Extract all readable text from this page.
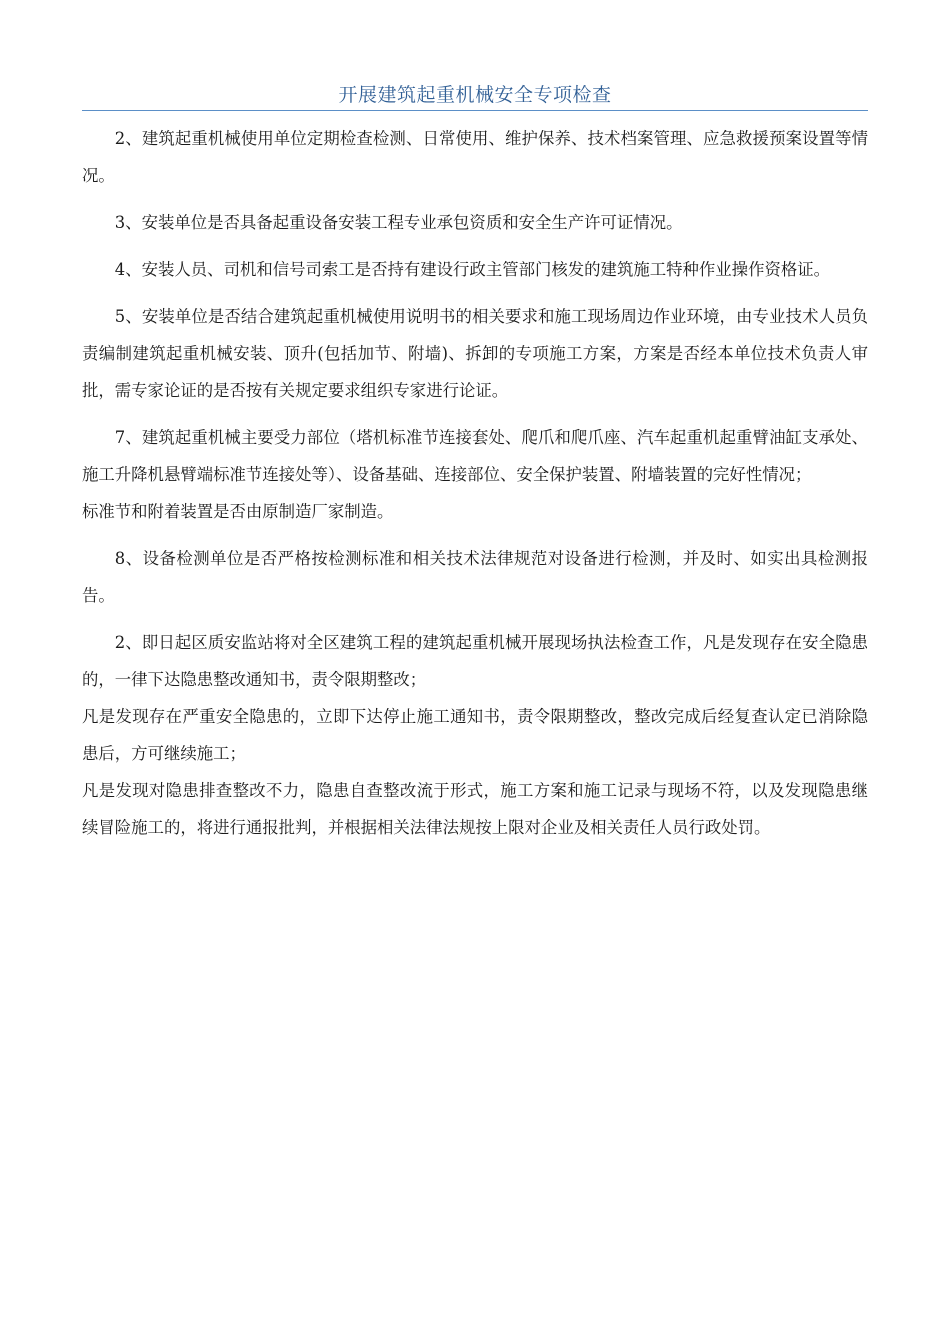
开展建筑起重机械安全专项检查

2、建筑起重机械使用单位定期检查检测、日常使用、维护保养、技术档案管理、应急救援预案设置等情况。

3、安装单位是否具备起重设备安装工程专业承包资质和安全生产许可证情况。

4、安装人员、司机和信号司索工是否持有建设行政主管部门核发的建筑施工特种作业操作资格证。

5、安装单位是否结合建筑起重机械使用说明书的相关要求和施工现场周边作业环境，由专业技术人员负责编制建筑起重机械安装、顶升(包括加节、附墙)、拆卸的专项施工方案，方案是否经本单位技术负责人审批，需专家论证的是否按有关规定要求组织专家进行论证。

7、建筑起重机械主要受力部位（塔机标准节连接套处、爬爪和爬爪座、汽车起重机起重臂油缸支承处、施工升降机悬臂端标准节连接处等）、设备基础、连接部位、安全保护装置、附墙装置的完好性情况；

标准节和附着装置是否由原制造厂家制造。

8、设备检测单位是否严格按检测标准和相关技术法律规范对设备进行检测，并及时、如实出具检测报告。

2、即日起区质安监站将对全区建筑工程的建筑起重机械开展现场执法检查工作，凡是发现存在安全隐患的，一律下达隐患整改通知书，责令限期整改；

凡是发现存在严重安全隐患的，立即下达停止施工通知书，责令限期整改，整改完成后经复查认定已消除隐患后，方可继续施工；

凡是发现对隐患排查整改不力，隐患自查整改流于形式，施工方案和施工记录与现场不符，以及发现隐患继续冒险施工的，将进行通报批判，并根据相关法律法规按上限对企业及相关责任人员行政处罚。
